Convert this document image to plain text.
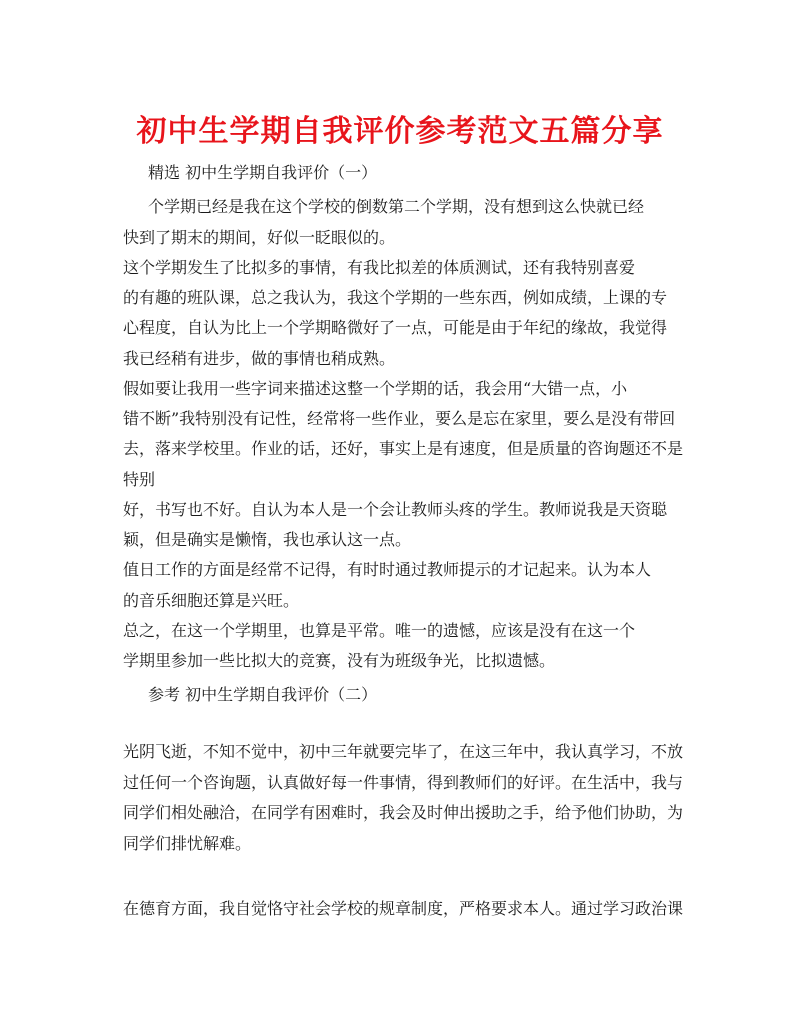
初中生学期自我评价参考范文五篇分享
精选 初中生学期自我评价（一）
个学期已经是我在这个学校的倒数第二个学期，没有想到这么快就已经
快到了期末的期间，好似一眨眼似的。
这个学期发生了比拟多的事情，有我比拟差的体质测试，还有我特别喜爱
的有趣的班队课，总之我认为，我这个学期的一些东西，例如成绩，上课的专
心程度，自认为比上一个学期略微好了一点，可能是由于年纪的缘故，我觉得
我已经稍有进步，做的事情也稍成熟。
假如要让我用一些字词来描述这整一个学期的话，我会用“大错一点，小
错不断”我特别没有记性，经常将一些作业，要么是忘在家里，要么是没有带回
去，落来学校里。作业的话，还好，事实上是有速度，但是质量的咨询题还不是
特别
好，书写也不好。自认为本人是一个会让教师头疼的学生。教师说我是天资聪
颖，但是确实是懒惰，我也承认这一点。
值日工作的方面是经常不记得，有时时通过教师提示的才记起来。认为本人
的音乐细胞还算是兴旺。
总之，在这一个学期里，也算是平常。唯一的遗憾，应该是没有在这一个
学期里参加一些比拟大的竞赛，没有为班级争光，比拟遗憾。
参考 初中生学期自我评价（二）
光阴飞逝，不知不觉中，初中三年就要完毕了，在这三年中，我认真学习，不放
过任何一个咨询题，认真做好每一件事情，得到教师们的好评。在生活中，我与
同学们相处融洽，在同学有困难时，我会及时伸出援助之手，给予他们协助，为
同学们排忧解难。
在德育方面，我自觉恪守社会学校的规章制度，严格要求本人。通过学习政治课
